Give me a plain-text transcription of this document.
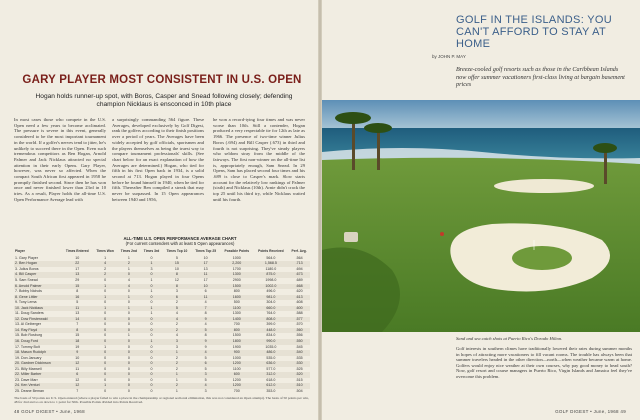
GARY PLAYER MOST CONSISTENT IN U.S. OPEN
Hogan holds runner-up spot, with Boros, Casper and Snead following closely; defending champion Nicklaus is ensconced in 10th place
In most cases those who compete in the U.S. Open need a few years to become acclimated. The pressure is severe in this event, generally considered to be the most important tournament in the world. If a golfer's nerves tend to jitter, he's unlikely to succeed there in the Open. Even such tremendous competitors as Ben Hogan, Arnold Palmer and Jack Nicklaus attracted no special attention in their early Opens. Gary Player, however, was never so affected. When the compact South African first appeared in 1958 he promptly finished second. Since then he has won once and never finished lower than 23rd in 10 tries. As a result, Player holds the all-time U.S. Open Performance Average lead with
a surprisingly commanding 564 figure. These Averages, developed exclusively by Golf Digest, rank the golfers according to their finish positions over a period of years. The Averages have been widely accepted by golf officials, sportsmen and the players themselves as being the truest way to compare tournament professionals' skills. (See chart below for an exact explanation of how the Averages are determined.) Hogan, who tied for fifth in his first Open back in 1934, is a solid second at 713. Hogan played in four Opens before he found himself in 1940, when he tied for fifth. Thereafter Ben compiled a streak that may never be surpassed. In 15 Open appearances between 1940 and 1956,
he won a record-tying four times and was never worse than 10th. Still a contender, Hogan produced a very respectable tie for 12th as late as 1966. The presence of two-time winner Julius Boros (.694) and Bill Casper (.673) in third and fourth is not surprising. They've steady players who seldom stray from the middle of the fairways. The first non-winner on the all-time list is, appropriately enough, Sam Snead. In 29 Opens, Sam has placed second four times and his .689 is close to Casper's mark. Slow starts account for the relatively low rankings of Palmer (sixth) and Nicklaus (10th). Arnie didn't crack the top 25 until his third try, while Nicklaus waited until his fourth.
ALL-TIME U.S. OPEN PERFORMANCE AVERAGE CHART
(For current contenders with at least 5 Open appearances)
Player	Times Entered	Times Won	Times 2nd	Times 3rd	Times Top 10	Times Top 25	Possible Points	Points Received	Perf. Avg.
1. Gary Player	10	1	1	0	5	10	1000	564.0	.564
2. Ben Hogan	22	4	2	1	15	17	2,200	1,568.5	.713
3. Julius Boros	17	2	1	3	10	13	1700	1180.0	.694
4. Bill Casper	13	2	0	0	8	11	1300	875.0	.673
5. Sam Snead	29	0	4	1	12	17	2900	1998.0	.689
6. Arnold Palmer	15	1	4	0	8	10	1500	1002.0	.668
7. Bobby Nichols	8	0	0	1	3	6	800	496.0	.620
8. Gene Littler	16	1	1	0	6	11	1600	981.0	.613
9. Tony Lema	5	0	0	0	2	4	500	304.0	.608
10. Jack Nicklaus	11	1	1	1	5	7	1100	660.0	.600
11. Doug Sanders	13	0	0	1	4	8	1300	764.0	.588
12. Dow Finsterwald	14	0	0	0	4	9	1400	808.0	.577
13. Al Geiberger	7	0	0	0	2	4	700	399.0	.570
14. Ray Floyd	8	0	0	0	2	5	800	448.0	.560
15. Bob Rosburg	15	0	1	0	4	8	1500	834.0	.556
16. Doug Ford	18	0	0	1	3	9	1800	990.0	.550
17. Tommy Bolt	19	1	0	0	3	9	1900	1035.0	.545
18. Mason Rudolph	9	0	0	0	1	4	900	486.0	.540
19. Don January	10	0	0	0	2	5	1000	535.0	.535
20. Gardner Dickinson	12	0	0	0	2	6	1200	636.0	.530
21. Billy Maxwell	11	0	0	0	2	5	1100	577.0	.525
22. Miller Barber	6	0	0	0	1	3	600	312.0	.520
23. Dave Marr	12	0	0	0	1	5	1200	618.0	.515
24. Ken Venturi	12	1	0	0	2	4	1200	612.0	.510
25. Deane Beman	7	0	0	0	1	3	700	353.0	.504
The basis of 50 points are U.S. Open entered (where a player failed to win a place in the championship or regional sectional elimination, this was not considered an Open attempt). The basis of 50 points per win, 48 for 2nd and so on down to 1 point for 50th. Possible Points divided into Points Received.
48 GOLF DIGEST • June, 1968
GOLF IN THE ISLANDS: YOU CAN'T AFFORD TO STAY AT HOME
by JOHN P. MAY
Breeze-cooled golf resorts such as those in the Caribbean Islands now offer summer vacationers first-class living at bargain basement prices
Sand and sea catch shots at Puerto Rico's Dorado Hilton.
Golf interests in southern climes have traditionally lowered their rates during summer months in hopes of attracting more vacationers to fill vacant rooms. The trouble has always been that summer travelers headed in the other direction—north—when weather became warm at home. Golfers would enjoy nice weather at their own courses, why pay good money to head south? Now, golf resort and course managers in Puerto Rico, Virgin Islands and Jamaica feel they've overcome this problem.
GOLF DIGEST • June, 1968 49
